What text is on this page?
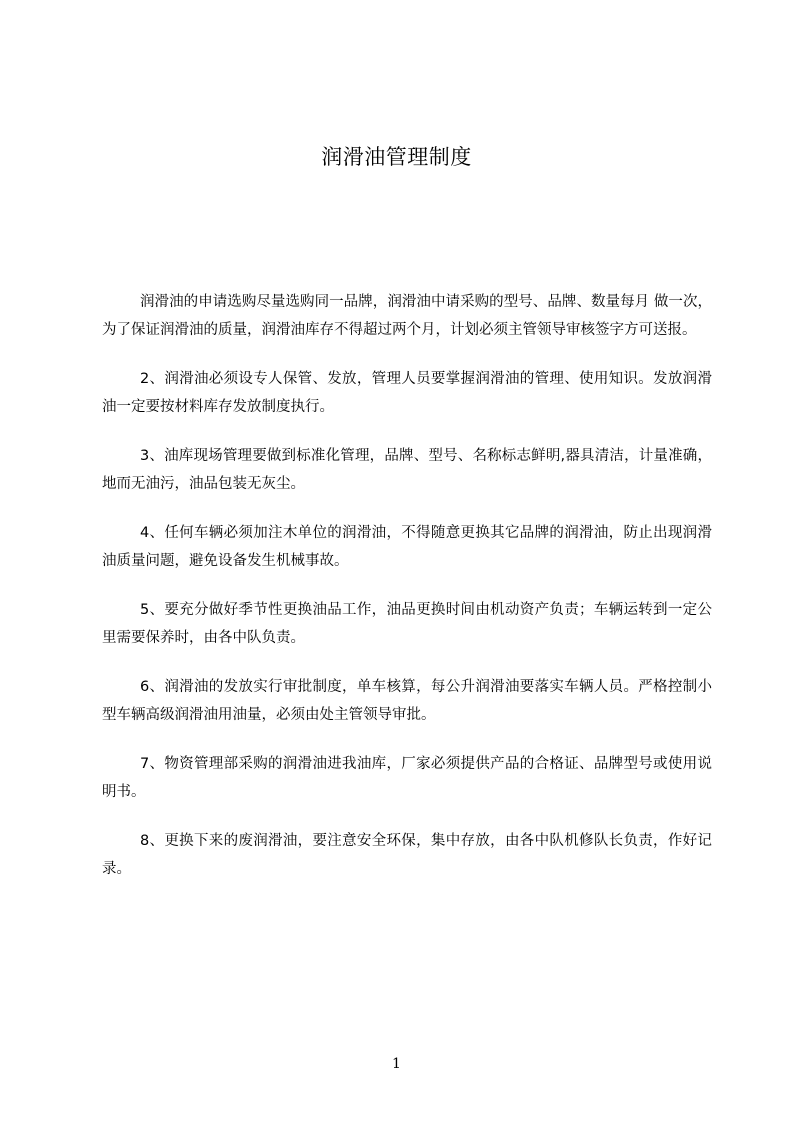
润滑油管理制度

润滑油的申请选购尽量选购同一品牌，润滑油中请采购的型号、品牌、数量每月 做一次，为了保证润滑油的质量，润滑油库存不得超过两个月，计划必须主管领导审核签字方可送报。

2、润滑油必须设专人保管、发放，管理人员要掌握润滑油的管理、使用知识。发放润滑油一定要按材料库存发放制度执行。

3、油库现场管理要做到标准化管理，品牌、型号、名称标志鲜明,器具清洁，计量准确，地而无油污，油品包装无灰尘。

4、任何车辆必须加注木单位的润滑油，不得随意更换其它品牌的润滑油，防止出现润滑油质量问题，避免设备发生机械事故。

5、要充分做好季节性更换油品工作，油品更换时间由机动资产负责；车辆运转到一定公里需要保养时，由各中队负责。

6、润滑油的发放实行审批制度，单车核算，每公升润滑油要落实车辆人员。严格控制小型车辆高级润滑油用油量，必须由处主管领导审批。

7、物资管理部采购的润滑油进我油库，厂家必须提供产品的合格证、品牌型号或使用说明书。

8、更换下来的废润滑油，要注意安全环保，集中存放，由各中队机修队长负责，作好记录。

1
